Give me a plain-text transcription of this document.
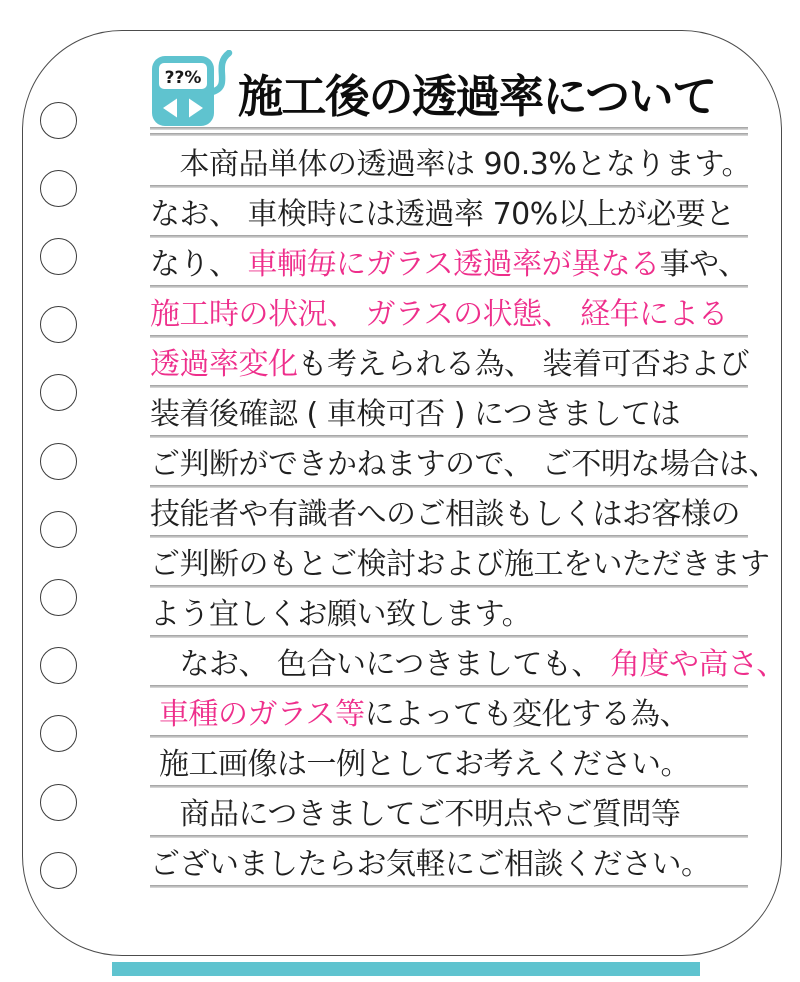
??% 施工後の透過率について
　本商品単体の透過率は 90.3%となります。
なお、 車検時には透過率 70%以上が必要と
なり、 車輌毎にガラス透過率が異なる事や、
施工時の状況、 ガラスの状態、 経年による
透過率変化も考えられる為、 装着可否および
装着後確認 ( 車検可否 ) につきましては
ご判断ができかねますので、 ご不明な場合は、
技能者や有識者へのご相談もしくはお客様の
ご判断のもとご検討および施工をいただきます
よう宜しくお願い致します。
　なお、 色合いにつきましても、 角度や高さ、
車種のガラス等によっても変化する為、
施工画像は一例としてお考えください。
　商品につきましてご不明点やご質問等
ございましたらお気軽にご相談ください。
